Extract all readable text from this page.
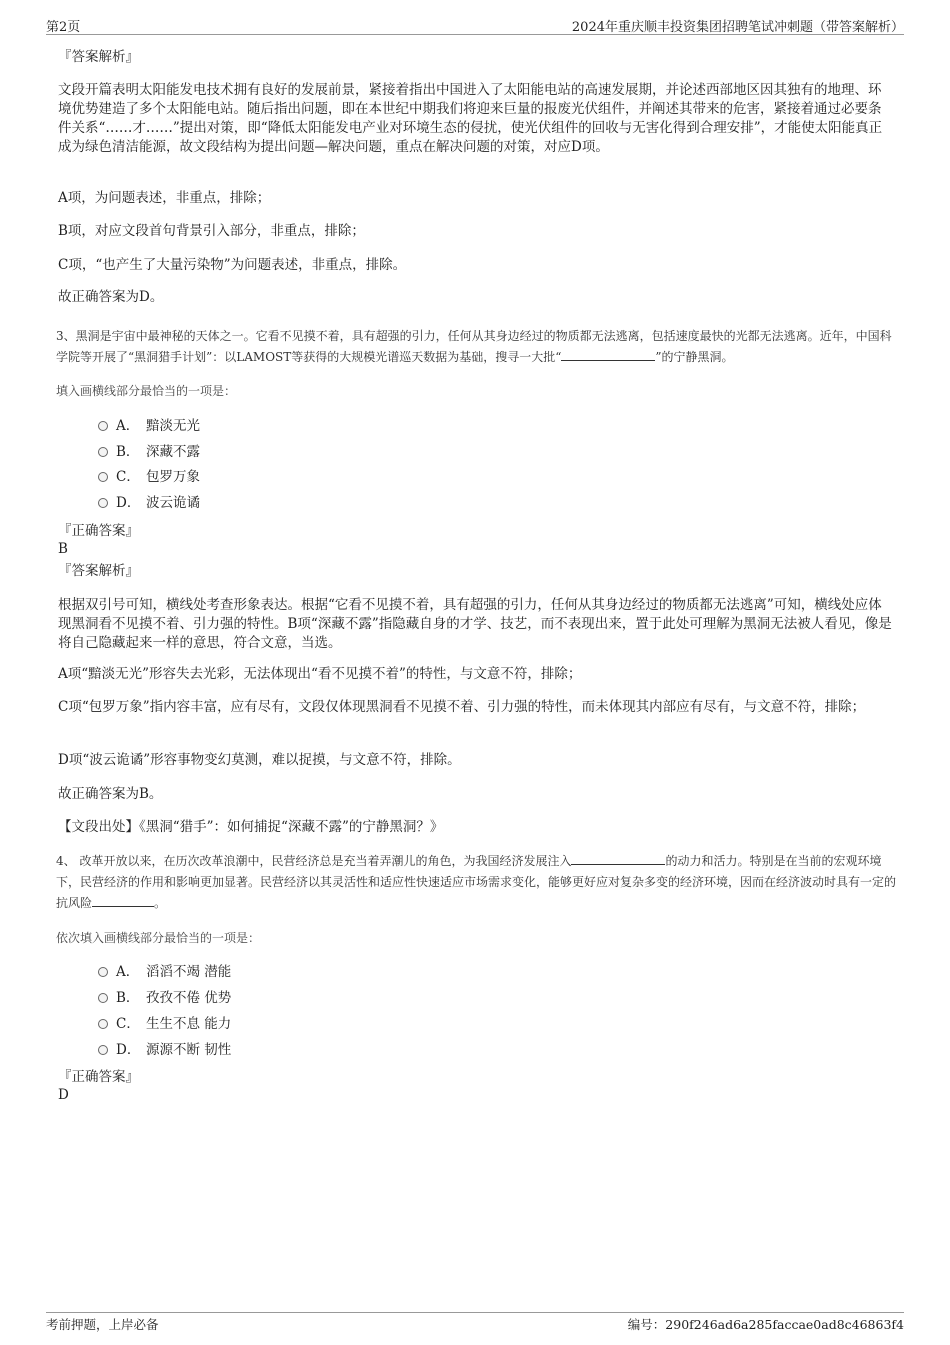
第2页	2024年重庆顺丰投资集团招聘笔试冲刺题（带答案解析）
『答案解析』

文段开篇表明太阳能发电技术拥有良好的发展前景，紧接着指出中国进入了太阳能电站的高速发展期，并论述西部地区因其独有的地理、环境优势建造了多个太阳能电站。随后指出问题，即在本世纪中期我们将迎来巨量的报废光伏组件，并阐述其带来的危害，紧接着通过必要条件关系“……才……”提出对策，即“降低太阳能发电产业对环境生态的侵扰，使光伏组件的回收与无害化得到合理安排”，才能使太阳能真正成为绿色清洁能源，故文段结构为提出问题—解决问题，重点在解决问题的对策，对应D项。

A项，为问题表述，非重点，排除；
B项，对应文段首句背景引入部分，非重点，排除；
C项，“也产生了大量污染物”为问题表述，非重点，排除。
故正确答案为D。

3、黑洞是宇宙中最神秘的天体之一。它看不见摸不着，具有超强的引力，任何从其身边经过的物质都无法逃离，包括速度最快的光都无法逃离。近年，中国科学院等开展了“黑洞猎手计划”：以LAMOST等获得的大规模光谱巡天数据为基础，搜寻一大批“	”的宁静黑洞。

填入画横线部分最恰当的一项是：

A． 黯淡无光
B． 深藏不露
C． 包罗万象
D． 波云诡谲
『正确答案』
B
『答案解析』

根据双引号可知，横线处考查形象表达。根据“它看不见摸不着，具有超强的引力，任何从其身边经过的物质都无法逃离”可知，横线处应体现黑洞看不见摸不着、引力强的特性。B项“深藏不露”指隐藏自身的才学、技艺，而不表现出来，置于此处可理解为黑洞无法被人看见，像是将自己隐藏起来一样的意思，符合文意，当选。

A项“黯淡无光”形容失去光彩，无法体现出“看不见摸不着”的特性，与文意不符，排除；

C项“包罗万象”指内容丰富，应有尽有，文段仅体现黑洞看不见摸不着、引力强的特性，而未体现其内部应有尽有，与文意不符，排除；

D项“波云诡谲”形容事物变幻莫测，难以捉摸，与文意不符，排除。
故正确答案为B。
【文段出处】《黑洞“猎手”：如何捕捉“深藏不露”的宁静黑洞？》

4、 改革开放以来，在历次改革浪潮中，民营经济总是充当着弄潮儿的角色，为我国经济发展注入	的动力和活力。特别是在当前的宏观环境下，民营经济的作用和影响更加显著。民营经济以其灵活性和适应性快速适应市场需求变化，能够更好应对复杂多变的经济环境，因而在经济波动时具有一定的抗风险	。

依次填入画横线部分最恰当的一项是：

A． 滔滔不竭 潜能
B． 孜孜不倦 优势
C． 生生不息 能力
D． 源源不断 韧性
『正确答案』
D
考前押题，上岸必备	编号：290f246ad6a285faccae0ad8c46863f4
